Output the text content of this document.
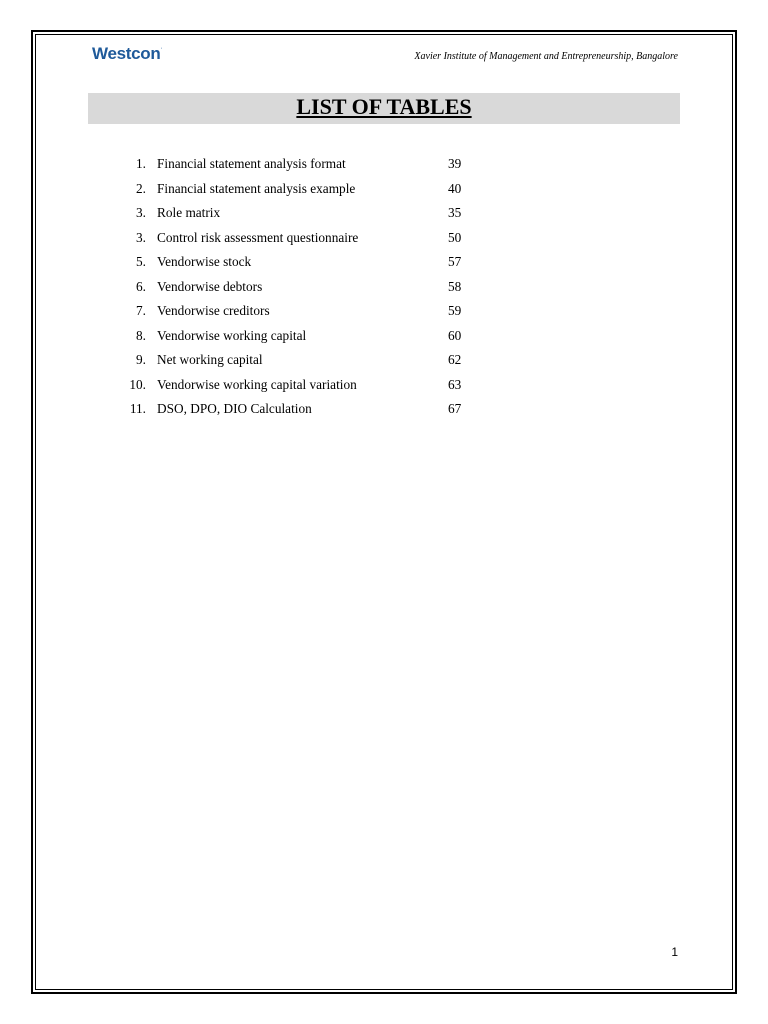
Westcon·
Xavier Institute of Management and Entrepreneurship, Bangalore
LIST OF TABLES
1. Financial statement analysis format	39
2. Financial statement analysis example	40
3. Role matrix	35
3. Control risk assessment questionnaire	50
5. Vendorwise stock	57
6. Vendorwise debtors	58
7. Vendorwise creditors	59
8. Vendorwise working capital	60
9. Net working capital	62
10. Vendorwise working capital variation	63
11. DSO, DPO, DIO Calculation	67
1
